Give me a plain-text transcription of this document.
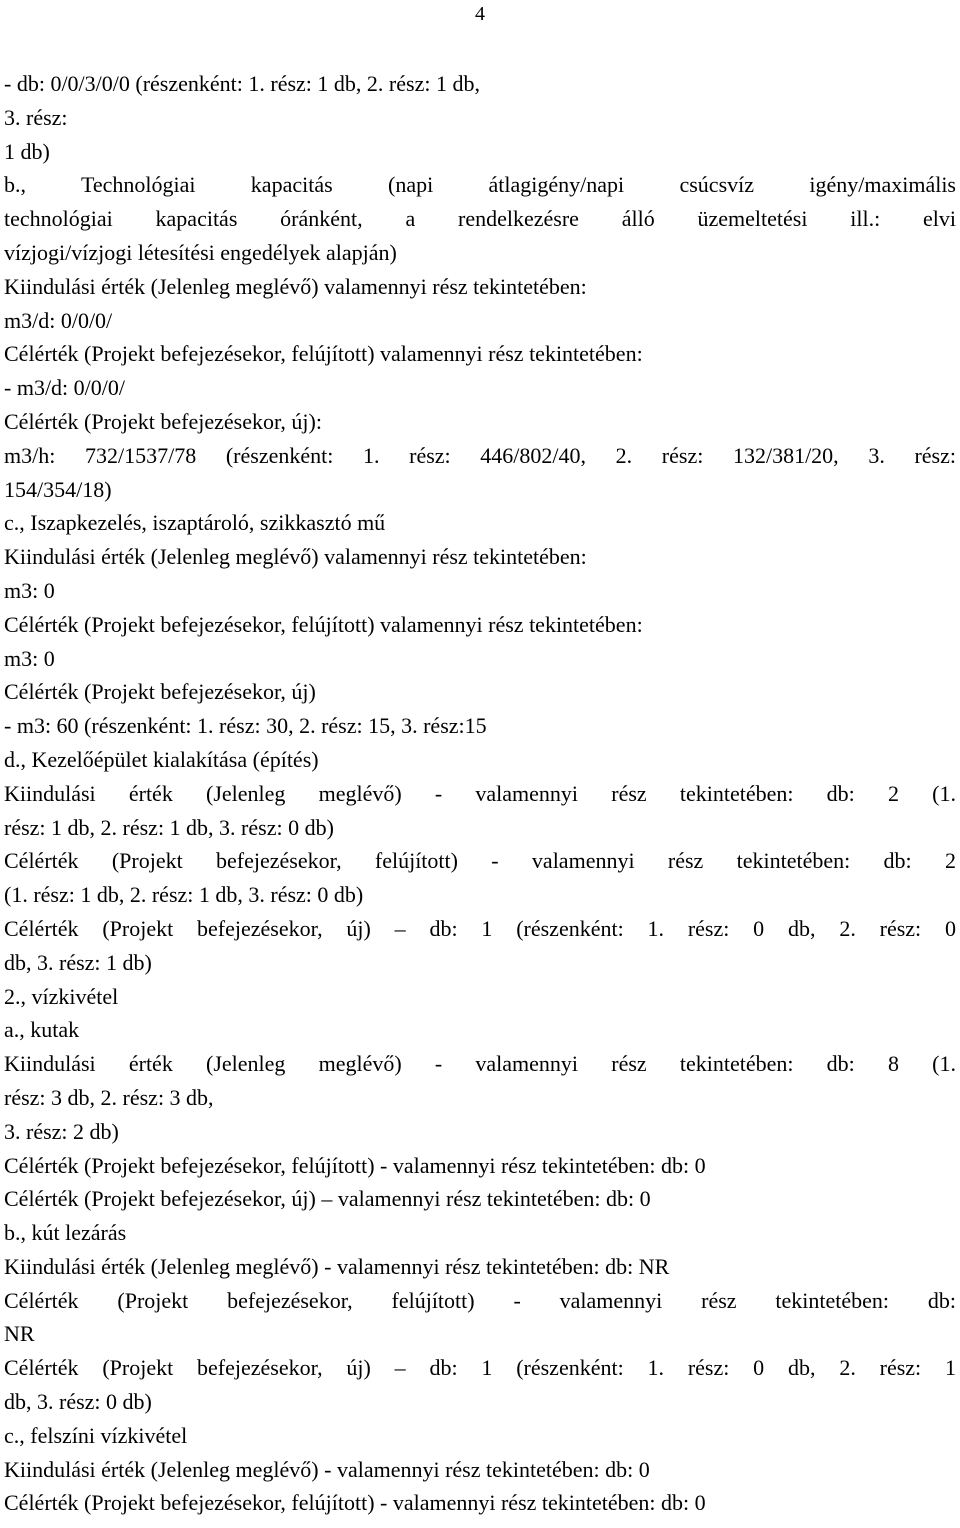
4
- db: 0/0/3/0/0 (részenként: 1. rész: 1 db, 2. rész: 1 db,
3. rész:
1 db)
b., Technológiai kapacitás (napi átlagigény/napi csúcsvíz igény/maximális
technológiai kapacitás óránként, a rendelkezésre álló üzemeltetési ill.: elvi
vízjogi/vízjogi létesítési engedélyek alapján)
Kiindulási érték (Jelenleg meglévő) valamennyi rész tekintetében:
m3/d: 0/0/0/
Célérték (Projekt befejezésekor, felújított) valamennyi rész tekintetében:
- m3/d: 0/0/0/
Célérték (Projekt befejezésekor, új):
m3/h: 732/1537/78 (részenként: 1. rész: 446/802/40, 2. rész: 132/381/20, 3. rész:
154/354/18)
c., Iszapkezelés, iszaptároló, szikkasztó mű
Kiindulási érték (Jelenleg meglévő) valamennyi rész tekintetében:
m3: 0
Célérték (Projekt befejezésekor, felújított) valamennyi rész tekintetében:
m3: 0
Célérték (Projekt befejezésekor, új)
- m3: 60 (részenként: 1. rész: 30, 2. rész: 15, 3. rész:15
d., Kezelőépület kialakítása (építés)
Kiindulási érték (Jelenleg meglévő) - valamennyi rész tekintetében: db: 2 (1.
rész: 1 db, 2. rész: 1 db, 3. rész: 0 db)
Célérték (Projekt befejezésekor, felújított) - valamennyi rész tekintetében: db: 2
(1. rész: 1 db, 2. rész: 1 db, 3. rész: 0 db)
Célérték (Projekt befejezésekor, új) – db: 1 (részenként: 1. rész: 0 db, 2. rész: 0
db, 3. rész: 1 db)
2., vízkivétel
a., kutak
Kiindulási érték (Jelenleg meglévő) - valamennyi rész tekintetében: db: 8 (1.
rész: 3 db, 2. rész: 3 db,
3. rész: 2 db)
Célérték (Projekt befejezésekor, felújított) - valamennyi rész tekintetében: db: 0
Célérték (Projekt befejezésekor, új) – valamennyi rész tekintetében: db: 0
b., kút lezárás
Kiindulási érték (Jelenleg meglévő) - valamennyi rész tekintetében: db: NR
Célérték (Projekt befejezésekor, felújított) - valamennyi rész tekintetében: db:
NR
Célérték (Projekt befejezésekor, új) – db: 1 (részenként: 1. rész: 0 db, 2. rész: 1
db, 3. rész: 0 db)
c., felszíni vízkivétel
Kiindulási érték (Jelenleg meglévő) - valamennyi rész tekintetében: db: 0
Célérték (Projekt befejezésekor, felújított) - valamennyi rész tekintetében: db: 0
